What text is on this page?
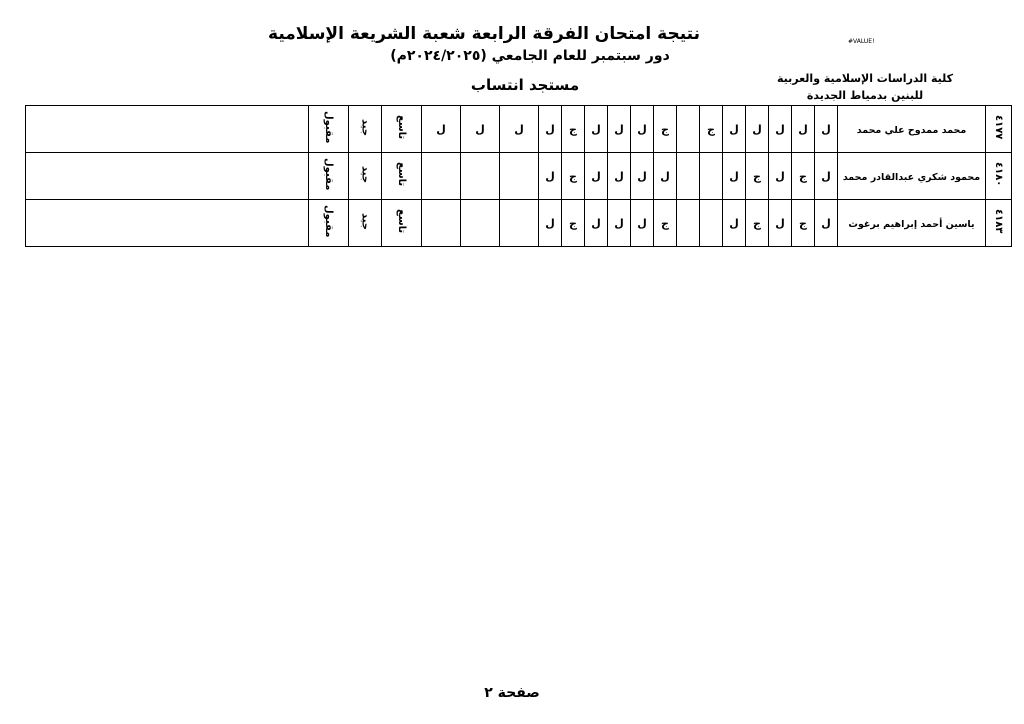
نتيجة امتحان الفرقة الرابعة شعبة الشريعة الإسلامية
دور سبتمبر للعام الجامعي (٢٠٢٤/٢٠٢٥م)
مستجد انتساب
#VALUE!
كلية الدراسات الإسلامية والعربية
للبنين بدمياط الجديدة
	مقبول	جيد	تاسع	ل	ل	ل	ل	ج	ل	ل	ل	ج		ج	ل	ل	ل	ل	ل	محمد ممدوح علي محمد	٤١٧٧
	مقبول	جيد	تاسع				ل	ج	ل	ل	ل	ل			ل	ج	ل	ج	ل	محمود شكري عبدالقادر محمد	٤١٨٠
	مقبول	جيد	تاسع				ل	ج	ل	ل	ل	ج			ل	ج	ل	ج	ل	ياسين أحمد إبراهيم برغوث	٤١٨٣
صفحة ٢
